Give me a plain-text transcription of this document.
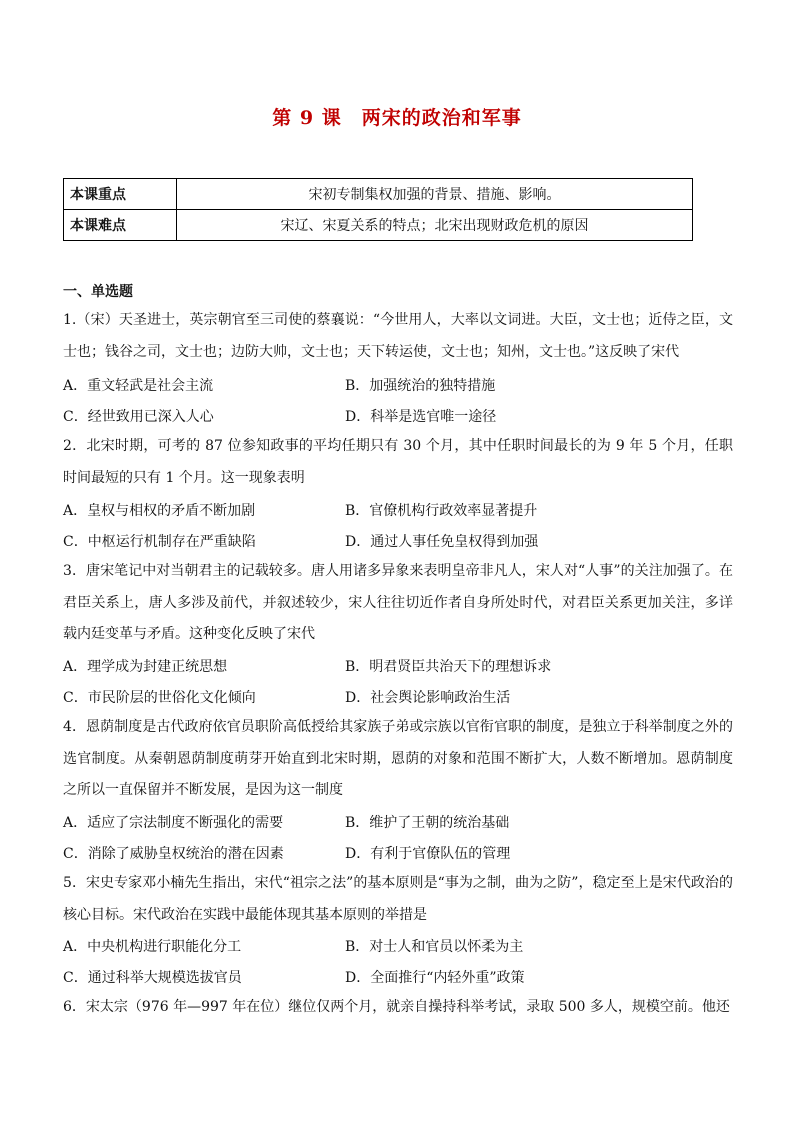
第 9 课　两宋的政治和军事
本课重点	宋初专制集权加强的背景、措施、影响。
本课难点	宋辽、宋夏关系的特点；北宋出现财政危机的原因
一、单选题
1.（宋）天圣进士，英宗朝官至三司使的蔡襄说：“今世用人，大率以文词进。大臣，文士也；近侍之臣，文士也；钱谷之司，文士也；边防大帅，文士也；天下转运使，文士也；知州，文士也。”这反映了宋代
A．重文轻武是社会主流	B．加强统治的独特措施
C．经世致用已深入人心	D．科举是选官唯一途径
2．北宋时期，可考的 87 位参知政事的平均任期只有 30 个月，其中任职时间最长的为 9 年 5 个月，任职时间最短的只有 1 个月。这一现象表明
A．皇权与相权的矛盾不断加剧	B．官僚机构行政效率显著提升
C．中枢运行机制存在严重缺陷	D．通过人事任免皇权得到加强
3．唐宋笔记中对当朝君主的记载较多。唐人用诸多异象来表明皇帝非凡人，宋人对“人事”的关注加强了。在君臣关系上，唐人多涉及前代，并叙述较少，宋人往往切近作者自身所处时代，对君臣关系更加关注，多详载内廷变革与矛盾。这种变化反映了宋代
A．理学成为封建正统思想	B．明君贤臣共治天下的理想诉求
C．市民阶层的世俗化文化倾向	D．社会舆论影响政治生活
4．恩荫制度是古代政府依官员职阶高低授给其家族子弟或宗族以官衔官职的制度，是独立于科举制度之外的选官制度。从秦朝恩荫制度萌芽开始直到北宋时期，恩荫的对象和范围不断扩大，人数不断增加。恩荫制度之所以一直保留并不断发展，是因为这一制度
A．适应了宗法制度不断强化的需要	B．维护了王朝的统治基础
C．消除了威胁皇权统治的潜在因素	D．有利于官僚队伍的管理
5．宋史专家邓小楠先生指出，宋代“祖宗之法”的基本原则是“事为之制，曲为之防”，稳定至上是宋代政治的核心目标。宋代政治在实践中最能体现其基本原则的举措是
A．中央机构进行职能化分工	B．对士人和官员以怀柔为主
C．通过科举大规模选拔官员	D．全面推行“内轻外重”政策
6．宋太宗（976 年—997 年在位）继位仅两个月，就亲自操持科举考试，录取 500 多人，规模空前。他还
